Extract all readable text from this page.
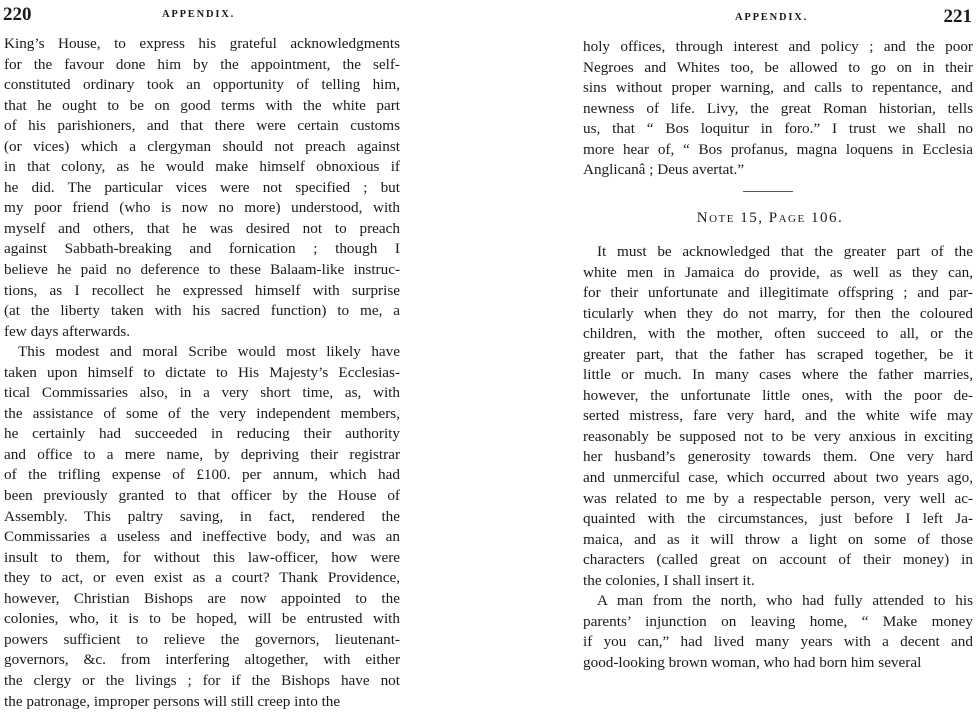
220	APPENDIX.
King’s House, to express his grateful acknowledgments
for the favour done him by the appointment, the self-
constituted ordinary took an opportunity of telling him,
that he ought to be on good terms with the white part
of his parishioners, and that there were certain customs
(or vices) which a clergyman should not preach against
in that colony, as he would make himself obnoxious if
he did. The particular vices were not specified ; but
my poor friend (who is now no more) understood, with
myself and others, that he was desired not to preach
against Sabbath-breaking and fornication ; though I
believe he paid no deference to these Balaam-like instruc-
tions, as I recollect he expressed himself with surprise
(at the liberty taken with his sacred function) to me, a
few days afterwards.
This modest and moral Scribe would most likely have
taken upon himself to dictate to His Majesty’s Ecclesias-
tical Commissaries also, in a very short time, as, with
the assistance of some of the very independent members,
he certainly had succeeded in reducing their authority
and office to a mere name, by depriving their registrar
of the trifling expense of £100. per annum, which had
been previously granted to that officer by the House of
Assembly. This paltry saving, in fact, rendered the
Commissaries a useless and ineffective body, and was an
insult to them, for without this law-officer, how were
they to act, or even exist as a court? Thank Providence,
however, Christian Bishops are now appointed to the
colonies, who, it is to be hoped, will be entrusted with
powers sufficient to relieve the governors, lieutenant-
governors, &c. from interfering altogether, with either
the clergy or the livings ; for if the Bishops have not
the patronage, improper persons will still creep into the
APPENDIX.	221
holy offices, through interest and policy ; and the poor
Negroes and Whites too, be allowed to go on in their
sins without proper warning, and calls to repentance, and
newness of life. Livy, the great Roman historian, tells
us, that “ Bos loquitur in foro.” I trust we shall no
more hear of, “ Bos profanus, magna loquens in Ecclesia
Anglicanâ ; Deus avertat.”
Note 15, Page 106.
It must be acknowledged that the greater part of the
white men in Jamaica do provide, as well as they can,
for their unfortunate and illegitimate offspring ; and par-
ticularly when they do not marry, for then the coloured
children, with the mother, often succeed to all, or the
greater part, that the father has scraped together, be it
little or much. In many cases where the father marries,
however, the unfortunate little ones, with the poor de-
serted mistress, fare very hard, and the white wife may
reasonably be supposed not to be very anxious in exciting
her husband’s generosity towards them. One very hard
and unmerciful case, which occurred about two years ago,
was related to me by a respectable person, very well ac-
quainted with the circumstances, just before I left Ja-
maica, and as it will throw a light on some of those
characters (called great on account of their money) in
the colonies, I shall insert it.
A man from the north, who had fully attended to his
parents’ injunction on leaving home, “ Make money
if you can,” had lived many years with a decent and
good-looking brown woman, who had born him several
